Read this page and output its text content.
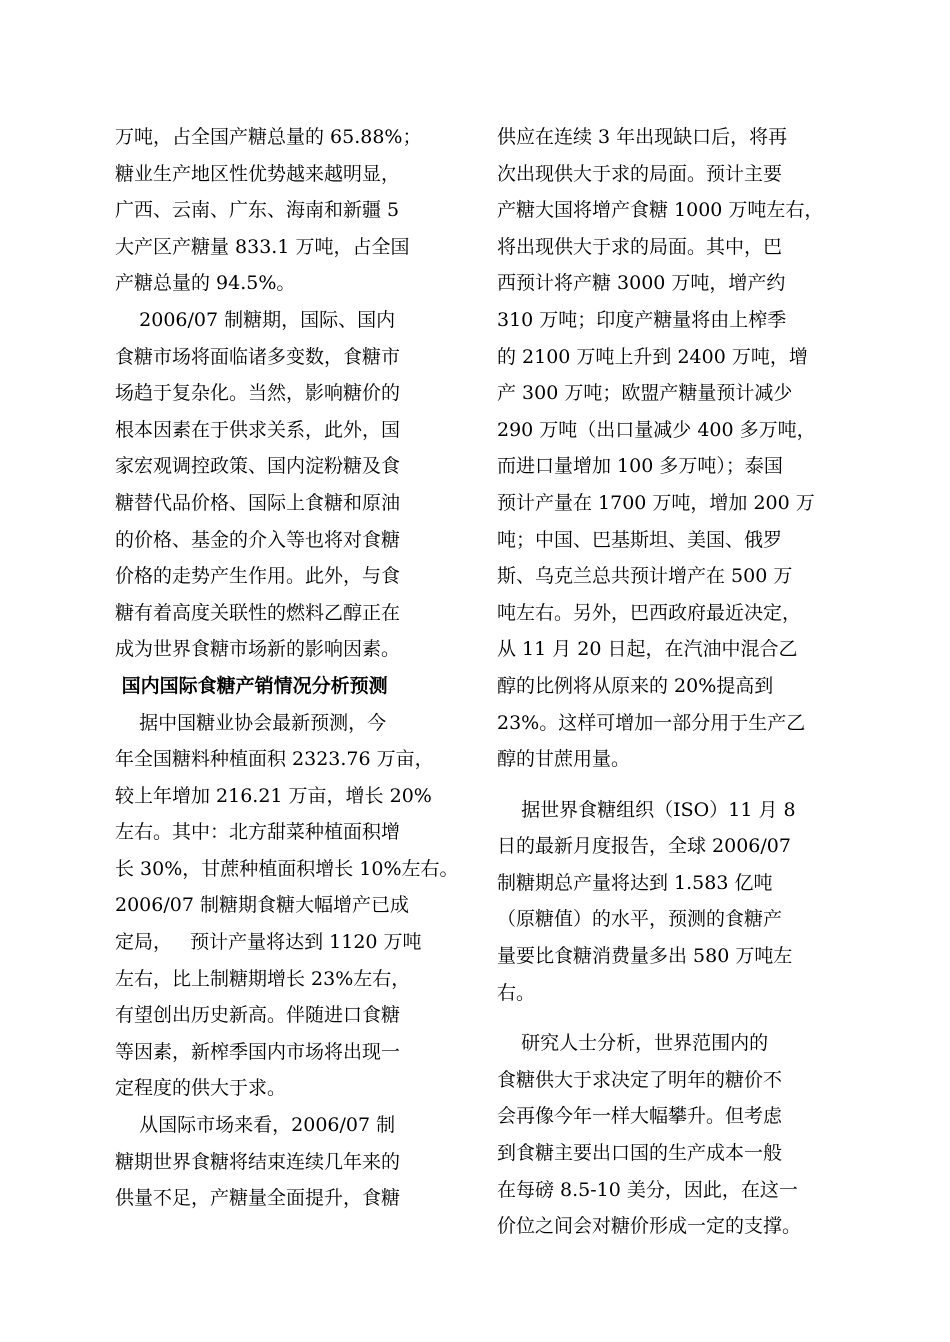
万吨，占全国产糖总量的 65.88%；
糖业生产地区性优势越来越明显，
广西、云南、广东、海南和新疆 5
大产区产糖量 833.1 万吨，占全国
产糖总量的 94.5%。
2006/07 制糖期，国际、国内
食糖市场将面临诸多变数，食糖市
场趋于复杂化。当然，影响糖价的
根本因素在于供求关系，此外，国
家宏观调控政策、国内淀粉糖及食
糖替代品价格、国际上食糖和原油
的价格、基金的介入等也将对食糖
价格的走势产生作用。此外，与食
糖有着高度关联性的燃料乙醇正在
成为世界食糖市场新的影响因素。
国内国际食糖产销情况分析预测
据中国糖业协会最新预测，今
年全国糖料种植面积 2323.76 万亩，
较上年增加 216.21 万亩，增长 20%
左右。其中：北方甜菜种植面积增
长 30%，甘蔗种植面积增长 10%左右。
2006/07 制糖期食糖大幅增产已成
定局，   预计产量将达到 1120 万吨
左右，比上制糖期增长 23%左右，
有望创出历史新高。伴随进口食糖
等因素，新榨季国内市场将出现一
定程度的供大于求。
从国际市场来看，2006/07 制
糖期世界食糖将结束连续几年来的
供量不足，产糖量全面提升，食糖
供应在连续 3 年出现缺口后，将再
次出现供大于求的局面。预计主要
产糖大国将增产食糖 1000 万吨左右，
将出现供大于求的局面。其中，巴
西预计将产糖 3000 万吨，增产约
310 万吨；印度产糖量将由上榨季
的 2100 万吨上升到 2400 万吨，增
产 300 万吨；欧盟产糖量预计减少
290 万吨（出口量减少 400 多万吨，
而进口量增加 100 多万吨）；泰国
预计产量在 1700 万吨，增加 200 万
吨；中国、巴基斯坦、美国、俄罗
斯、乌克兰总共预计增产在 500 万
吨左右。另外，巴西政府最近决定，
从 11 月 20 日起，在汽油中混合乙
醇的比例将从原来的 20%提高到
23%。这样可增加一部分用于生产乙
醇的甘蔗用量。
据世界食糖组织（ISO）11 月 8
日的最新月度报告，全球 2006/07
制糖期总产量将达到 1.583 亿吨
（原糖值）的水平，预测的食糖产
量要比食糖消费量多出 580 万吨左
右。
研究人士分析，世界范围内的
食糖供大于求决定了明年的糖价不
会再像今年一样大幅攀升。但考虑
到食糖主要出口国的生产成本一般
在每磅 8.5-10 美分，因此，在这一
价位之间会对糖价形成一定的支撑。
